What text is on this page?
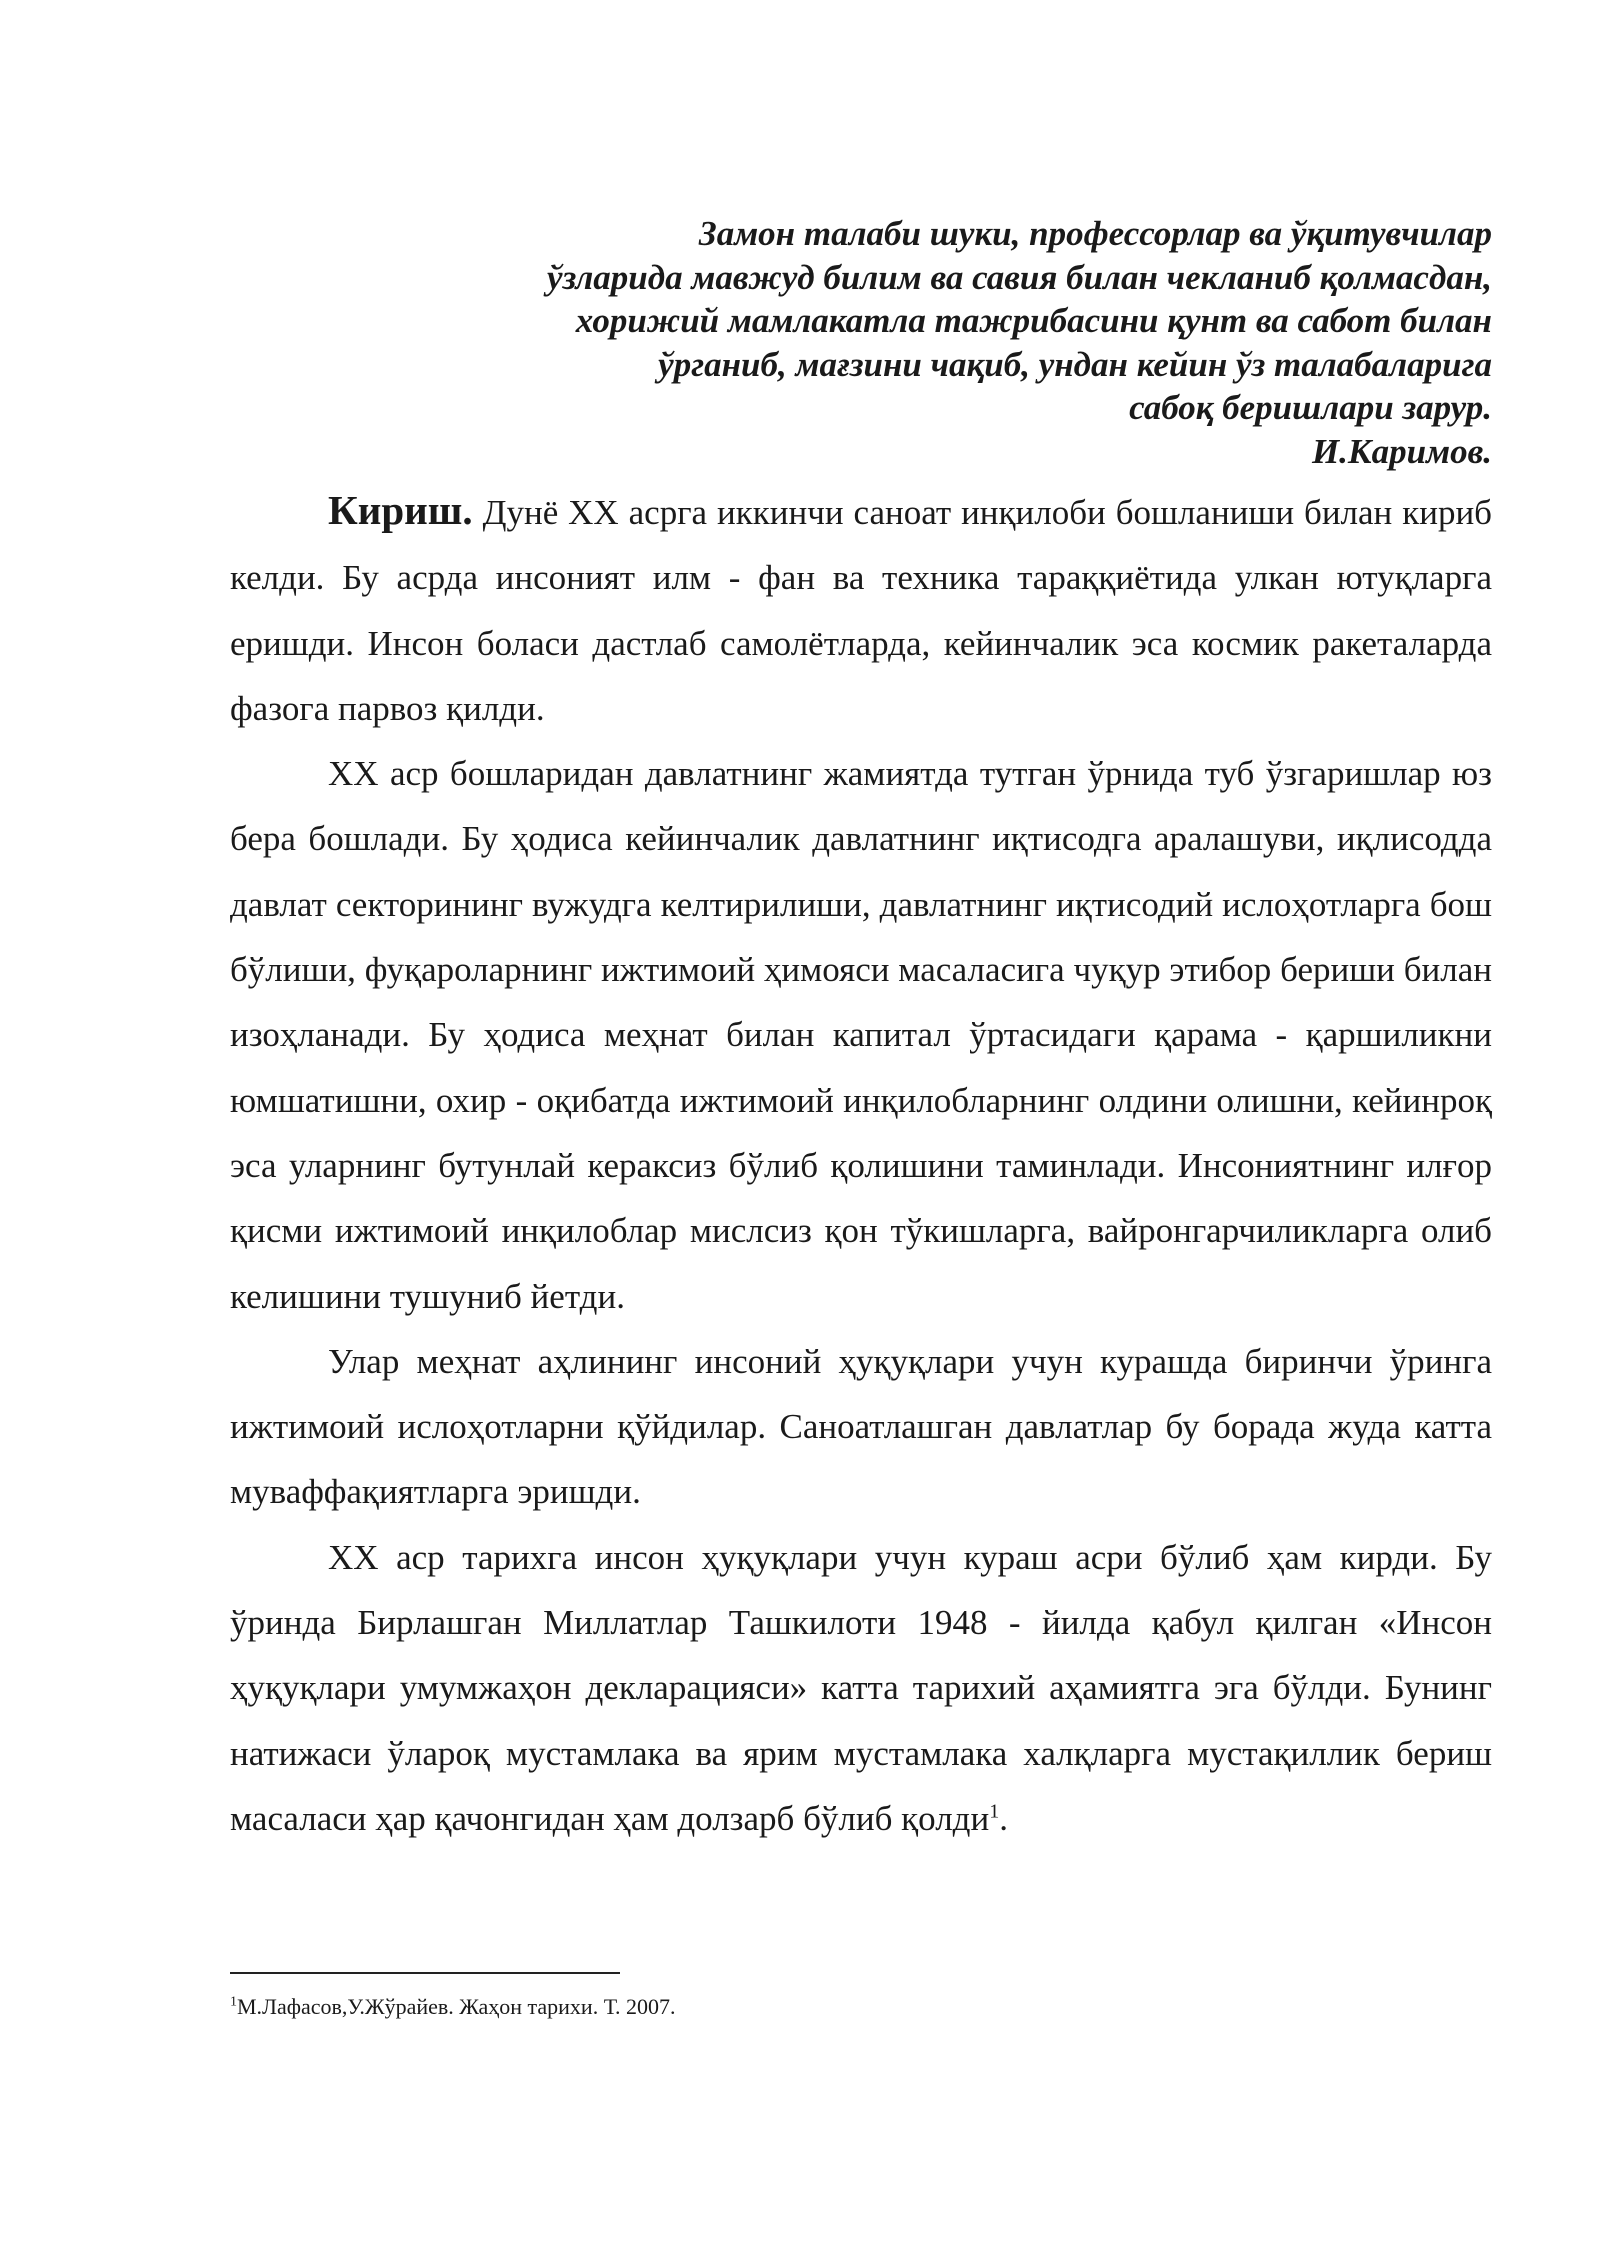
Замон талаби шуки, профессорлар ва ўқитувчилар
ўзларида мавжуд билим ва савия билан чекланиб қолмасдан,
хорижий мамлакатла тажрибасини қунт ва сабот билан
ўрганиб, мағзини чақиб, ундан кейин ўз талабаларига
сабоқ беришлари зарур.
И.Каримов.

Кириш. Дунё ХХ асрга иккинчи саноат инқилоби бошланиши билан кириб келди. Бу асрда инсоният илм - фан ва техника тараққиётида улкан ютуқларга еришди. Инсон боласи дастлаб самолётларда, кейинчалик эса космик ракеталарда фазога парвоз қилди.

ХХ аср бошларидан давлатнинг жамиятда тутган ўрнида туб ўзгаришлар юз бера бошлади. Бу ҳодиса кейинчалик давлатнинг иқтисодга аралашуви, иқлисодда давлат секторининг вужудга келтирилиши, давлатнинг иқтисодий ислоҳотларга бош бўлиши, фуқароларнинг ижтимоий ҳимояси масаласига чуқур этибор бериши билан изоҳланади. Бу ҳодиса меҳнат билан капитал ўртасидаги қарама - қаршиликни юмшатишни, охир - оқибатда ижтимоий инқилобларнинг олдини олишни, кейинроқ эса уларнинг бутунлай кераксиз бўлиб қолишини таминлади. Инсониятнинг илғор қисми ижтимоий инқилоблар мислсиз қон тўкишларга, вайронгарчиликларга олиб келишини тушуниб йетди.

Улар меҳнат аҳлининг инсоний ҳуқуқлари учун курашда биринчи ўринга ижтимоий ислоҳотларни қўйдилар. Саноатлашган давлатлар бу борада жуда катта муваффақиятларга эришди.

ХХ аср тарихга инсон ҳуқуқлари учун кураш асри бўлиб ҳам кирди. Бу ўринда Бирлашган Миллатлар Ташкилоти 1948 - йилда қабул қилган «Инсон ҳуқуқлари умумжаҳон декларацияси» катта тарихий аҳамиятга эга бўлди. Бунинг натижаси ўлароқ мустамлака ва ярим мустамлака халқларга мустақиллик бериш масаласи ҳар қачонгидан ҳам долзарб бўлиб қолди$^1$.

$^1$М.Лафасов,У.Жўрайев. Жаҳон тарихи. Т. 2007.
